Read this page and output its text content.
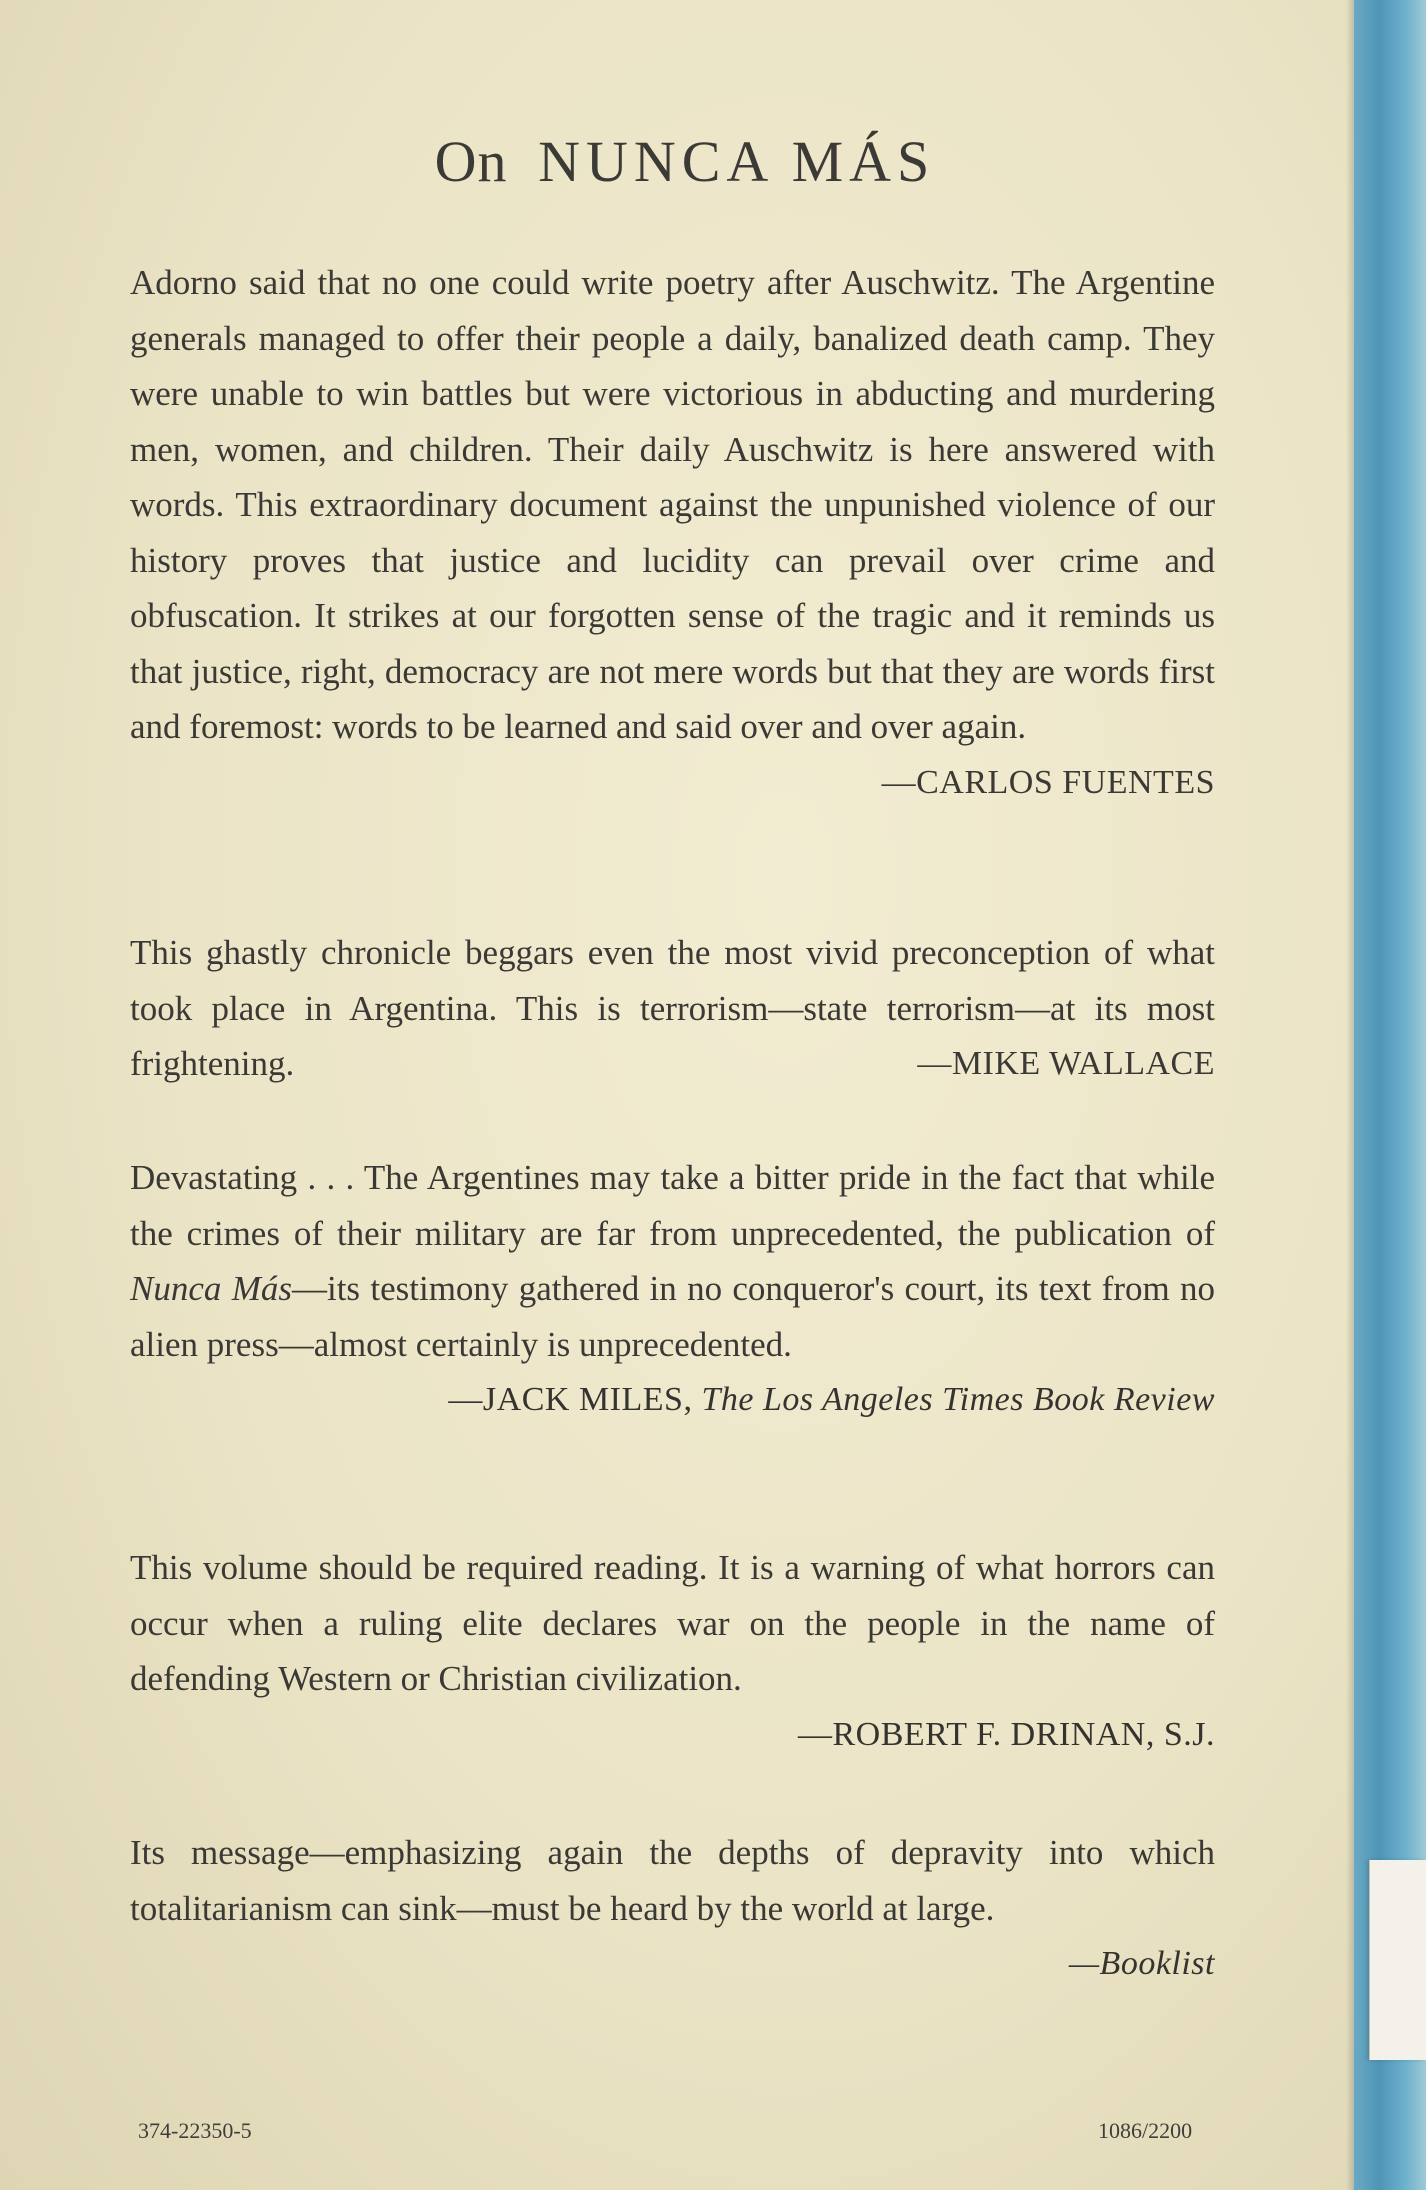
On NUNCA MÁS

Adorno said that no one could write poetry after Auschwitz. The Argentine generals managed to offer their people a daily, banalized death camp. They were unable to win battles but were victorious in abducting and murdering men, women, and children. Their daily Auschwitz is here answered with words. This extraordinary document against the unpunished violence of our history proves that justice and lucidity can prevail over crime and obfuscation. It strikes at our forgotten sense of the tragic and it reminds us that justice, right, democracy are not mere words but that they are words first and foremost: words to be learned and said over and over again.
—CARLOS FUENTES

This ghastly chronicle beggars even the most vivid preconception of what took place in Argentina. This is terrorism—state terrorism—at its most frightening.	—MIKE WALLACE

Devastating . . . The Argentines may take a bitter pride in the fact that while the crimes of their military are far from unprecedented, the publication of Nunca Más—its testimony gathered in no conqueror's court, its text from no alien press—almost certainly is unprecedented.

—JACK MILES, The Los Angeles Times Book Review

This volume should be required reading. It is a warning of what horrors can occur when a ruling elite declares war on the people in the name of defending Western or Christian civilization.

—ROBERT F. DRINAN, S.J.

Its message—emphasizing again the depths of depravity into which totalitarianism can sink—must be heard by the world at large.

—Booklist
374-22350-5	1086/2200
